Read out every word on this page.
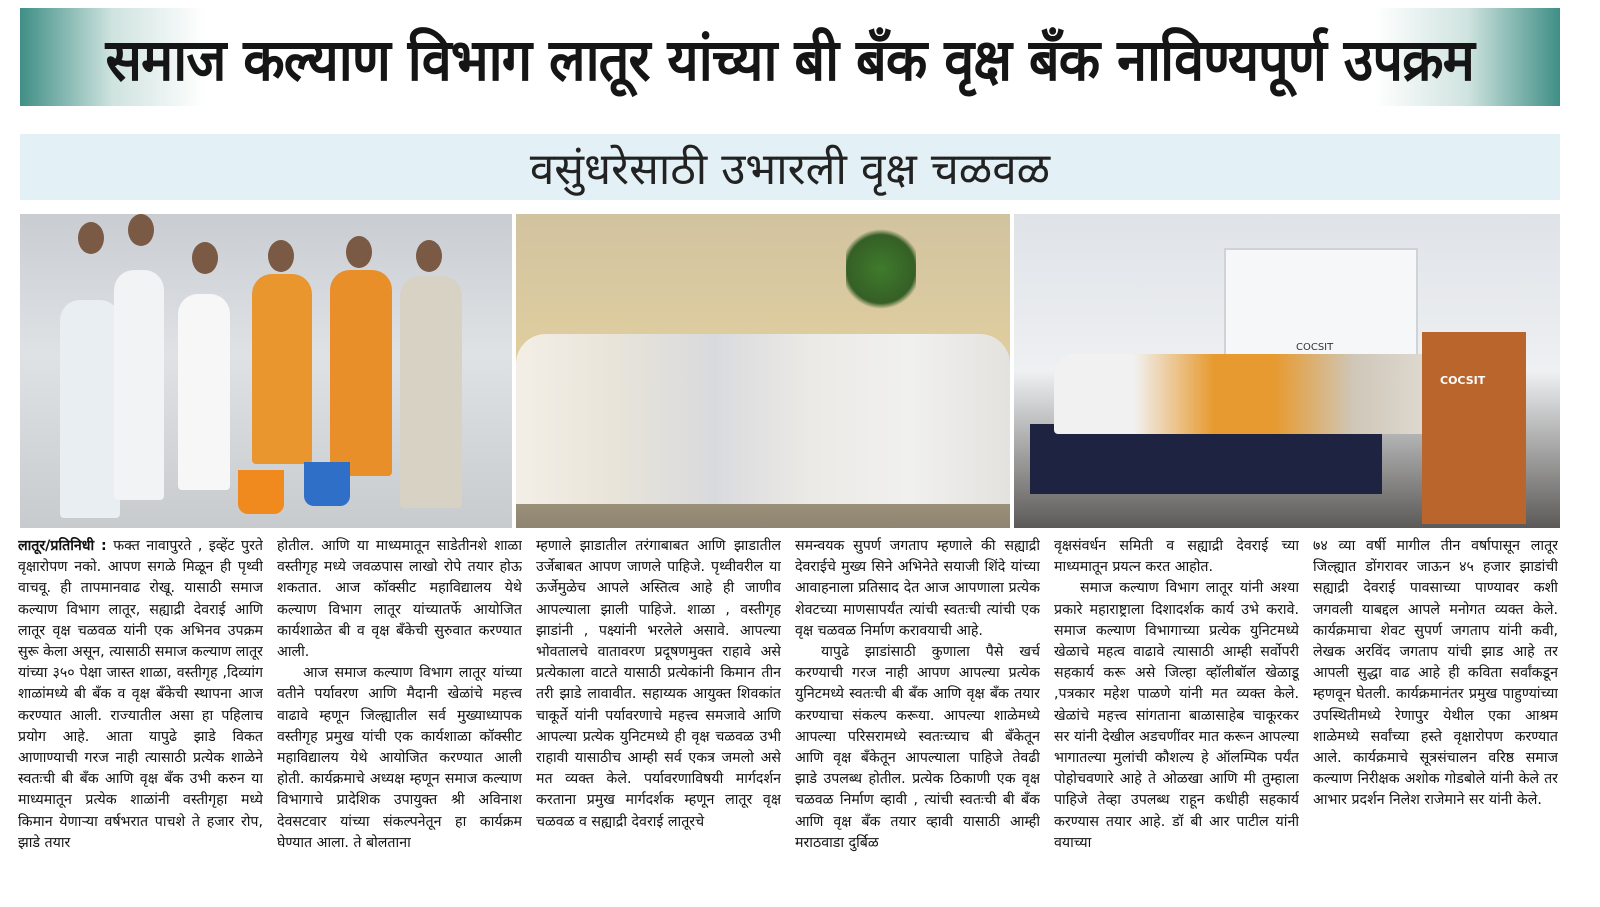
समाज कल्याण विभाग लातूर यांच्या बी बँक वृक्ष बँक नाविण्यपूर्ण उपक्रम
वसुंधरेसाठी उभारली वृक्ष चळवळ
COCSIT
COCSIT

लातूर/प्रतिनिधी : फक्त नावापुरते , इव्हेंट पुरते वृक्षारोपण नको. आपण सगळे मिळून ही पृथ्वी वाचवू. ही तापमानवाढ रोखू. यासाठी समाज कल्याण विभाग लातूर, सह्याद्री देवराई आणि लातूर वृक्ष चळवळ यांनी एक अभिनव उपक्रम सुरू केला असून, त्यासाठी समाज कल्याण लातूर यांच्या ३५० पेक्षा जास्त शाळा, वस्तीगृह ,दिव्यांग शाळांमध्ये बी बँक व वृक्ष बँकेची स्थापना आज करण्यात आली. राज्यातील असा हा पहिलाच प्रयोग आहे. आता यापुढे झाडे विकत आणाण्याची गरज नाही त्यासाठी प्रत्येक शाळेने स्वतःची बी बँक आणि वृक्ष बँक उभी करुन या माध्यमातून प्रत्येक शाळांनी वस्तीगृहा मध्ये किमान येणाऱ्या वर्षभरात पाचशे ते हजार रोप, झाडे तयार

होतील. आणि या माध्यमातून साडेतीनशे शाळा वस्तीगृह मध्ये जवळपास लाखो रोपे तयार होऊ शकतात. आज कॉक्सीट महाविद्यालय येथे कल्याण विभाग लातूर यांच्यातर्फे आयोजित कार्यशाळेत बी व वृक्ष बँकेची सुरुवात करण्यात आली.

आज समाज कल्याण विभाग लातूर यांच्या वतीने पर्यावरण आणि मैदानी खेळांचे महत्त्व वाढावे म्हणून जिल्ह्यातील सर्व मुख्याध्यापक वस्तीगृह प्रमुख यांची एक कार्यशाळा कॉक्सीट महाविद्यालय येथे आयोजित करण्यात आली होती. कार्यक्रमाचे अध्यक्ष म्हणून समाज कल्याण विभागाचे प्रादेशिक उपायुक्त श्री अविनाश देवसटवार यांच्या संकल्पनेतून हा कार्यक्रम घेण्यात आला. ते बोलताना

म्हणाले झाडातील तरंगाबाबत आणि झाडातील उर्जेबाबत आपण जाणले पाहिजे. पृथ्वीवरील या ऊर्जेमुळेच आपले अस्तित्व आहे ही जाणीव आपल्याला झाली पाहिजे. शाळा , वस्तीगृह झाडांनी , पक्ष्यांनी भरलेले असावे. आपल्या भोवतालचे वातावरण प्रदूषणमुक्त राहावे असे प्रत्येकाला वाटते यासाठी प्रत्येकांनी किमान तीन तरी झाडे लावावीत. सहाय्यक आयुक्त शिवकांत चाकूर्ते यांनी पर्यावरणाचे महत्त्व समजावे आणि आपल्या प्रत्येक युनिटमध्ये ही वृक्ष चळवळ उभी राहावी यासाठीच आम्ही सर्व एकत्र जमलो असे मत व्यक्त केले. पर्यावरणाविषयी मार्गदर्शन करताना प्रमुख मार्गदर्शक म्हणून लातूर वृक्ष चळवळ व सह्याद्री देवराई लातूरचे

समन्वयक सुपर्ण जगताप म्हणाले की सह्याद्री देवराईचे मुख्य सिने अभिनेते सयाजी शिंदे यांच्या आवाहनाला प्रतिसाद देत आज आपणाला प्रत्येक शेवटच्या माणसापर्यंत त्यांची स्वतःची त्यांची एक वृक्ष चळवळ निर्माण करावयाची आहे.

यापुढे झाडांसाठी कुणाला पैसे खर्च करण्याची गरज नाही आपण आपल्या प्रत्येक युनिटमध्ये स्वतःची बी बँक आणि वृक्ष बँक तयार करण्याचा संकल्प करूया. आपल्या शाळेमध्ये आपल्या परिसरामध्ये स्वतःच्याच बी बँकेतून आणि वृक्ष बँकेतून आपल्याला पाहिजे तेवढी झाडे उपलब्ध होतील. प्रत्येक ठिकाणी एक वृक्ष चळवळ निर्माण व्हावी , त्यांची स्वतःची बी बँक आणि वृक्ष बँक तयार व्हावी यासाठी आम्ही मराठवाडा दुर्बिळ

वृक्षसंवर्धन समिती व सह्याद्री देवराई च्या माध्यमातून प्रयत्न करत आहोत.

समाज कल्याण विभाग लातूर यांनी अश्या प्रकारे महाराष्ट्राला दिशादर्शक कार्य उभे करावे. समाज कल्याण विभागाच्या प्रत्येक युनिटमध्ये खेळाचे महत्व वाढावे त्यासाठी आम्ही सर्वोपरी सहकार्य करू असे जिल्हा व्हॉलीबॉल खेळाडू ,पत्रकार महेश पाळणे यांनी मत व्यक्त केले. खेळांचे महत्त्व सांगताना बाळासाहेब चाकूरकर सर यांनी देखील अडचणींवर मात करून आपल्या भागातल्या मुलांची कौशल्य हे ऑलम्पिक पर्यंत पोहोचवणारे आहे ते ओळखा आणि मी तुम्हाला पाहिजे तेव्हा उपलब्ध राहून कधीही सहकार्य करण्यास तयार आहे. डॉ बी आर पाटील यांनी वयाच्या

७४ व्या वर्षी मागील तीन वर्षापासून लातूर जिल्ह्यात डोंगरावर जाऊन ४५ हजार झाडांची सह्याद्री देवराई पावसाच्या पाण्यावर कशी जगवली याबद्दल आपले मनोगत व्यक्त केले. कार्यक्रमाचा शेवट सुपर्ण जगताप यांनी कवी, लेखक अरविंद जगताप यांची झाड आहे तर आपली सुद्धा वाढ आहे ही कविता सर्वांकडून म्हणवून घेतली. कार्यक्रमानंतर प्रमुख पाहुण्यांच्या उपस्थितीमध्ये रेणापुर येथील एका आश्रम शाळेमध्ये सर्वांच्या हस्ते वृक्षारोपण करण्यात आले. कार्यक्रमाचे सूत्रसंचालन वरिष्ठ समाज कल्याण निरीक्षक अशोक गोडबोले यांनी केले तर आभार प्रदर्शन निलेश राजेमाने सर यांनी केले.
